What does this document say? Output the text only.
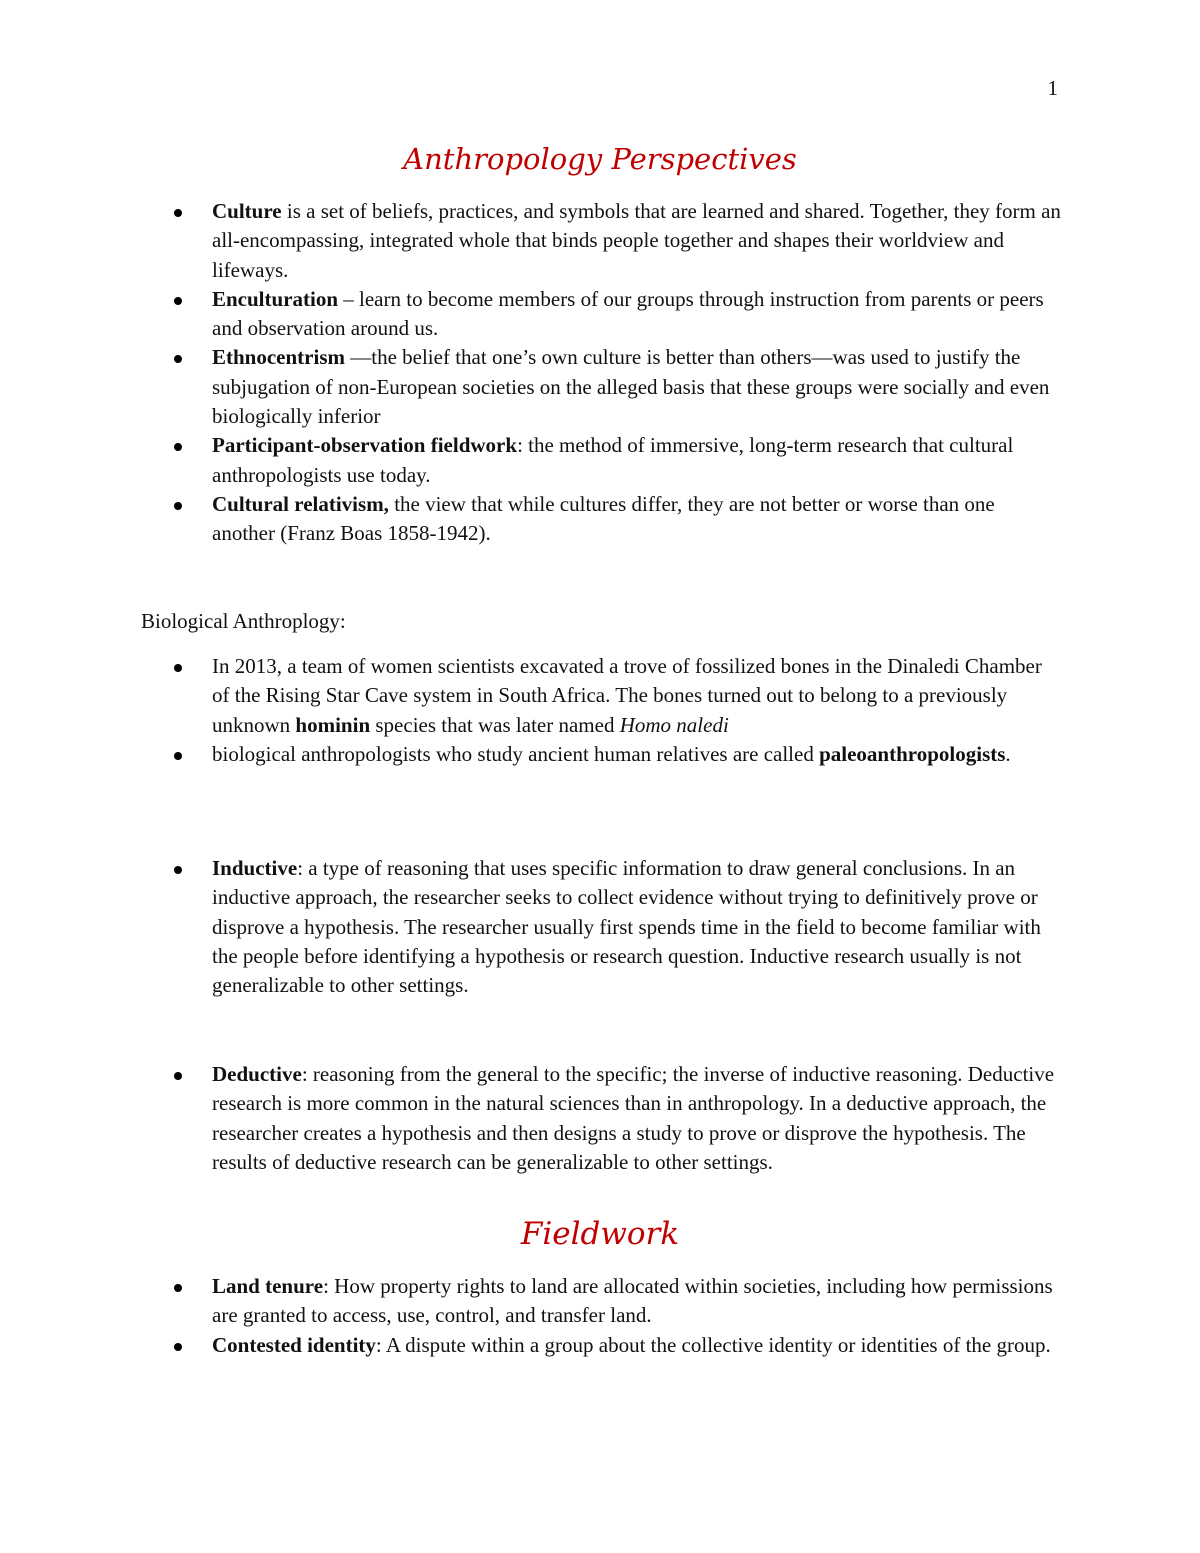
1
Anthropology Perspectives
Culture is a set of beliefs, practices, and symbols that are learned and shared. Together, they form an all-encompassing, integrated whole that binds people together and shapes their worldview and lifeways.
Enculturation – learn to become members of our groups through instruction from parents or peers and observation around us.
Ethnocentrism —the belief that one’s own culture is better than others—was used to justify the subjugation of non-European societies on the alleged basis that these groups were socially and even biologically inferior
Participant-observation fieldwork: the method of immersive, long-term research that cultural anthropologists use today.
Cultural relativism, the view that while cultures differ, they are not better or worse than one another (Franz Boas 1858-1942).

Biological Anthroplogy:

In 2013, a team of women scientists excavated a trove of fossilized bones in the Dinaledi Chamber of the Rising Star Cave system in South Africa. The bones turned out to belong to a previously unknown hominin species that was later named Homo naledi
biological anthropologists who study ancient human relatives are called paleoanthropologists.
Inductive: a type of reasoning that uses specific information to draw general conclusions. In an inductive approach, the researcher seeks to collect evidence without trying to definitively prove or disprove a hypothesis. The researcher usually first spends time in the field to become familiar with the people before identifying a hypothesis or research question. Inductive research usually is not generalizable to other settings.
Deductive: reasoning from the general to the specific; the inverse of inductive reasoning. Deductive research is more common in the natural sciences than in anthropology. In a deductive approach, the researcher creates a hypothesis and then designs a study to prove or disprove the hypothesis. The results of deductive research can be generalizable to other settings.
Fieldwork
Land tenure: How property rights to land are allocated within societies, including how permissions are granted to access, use, control, and transfer land.
Contested identity: A dispute within a group about the collective identity or identities of the group.
